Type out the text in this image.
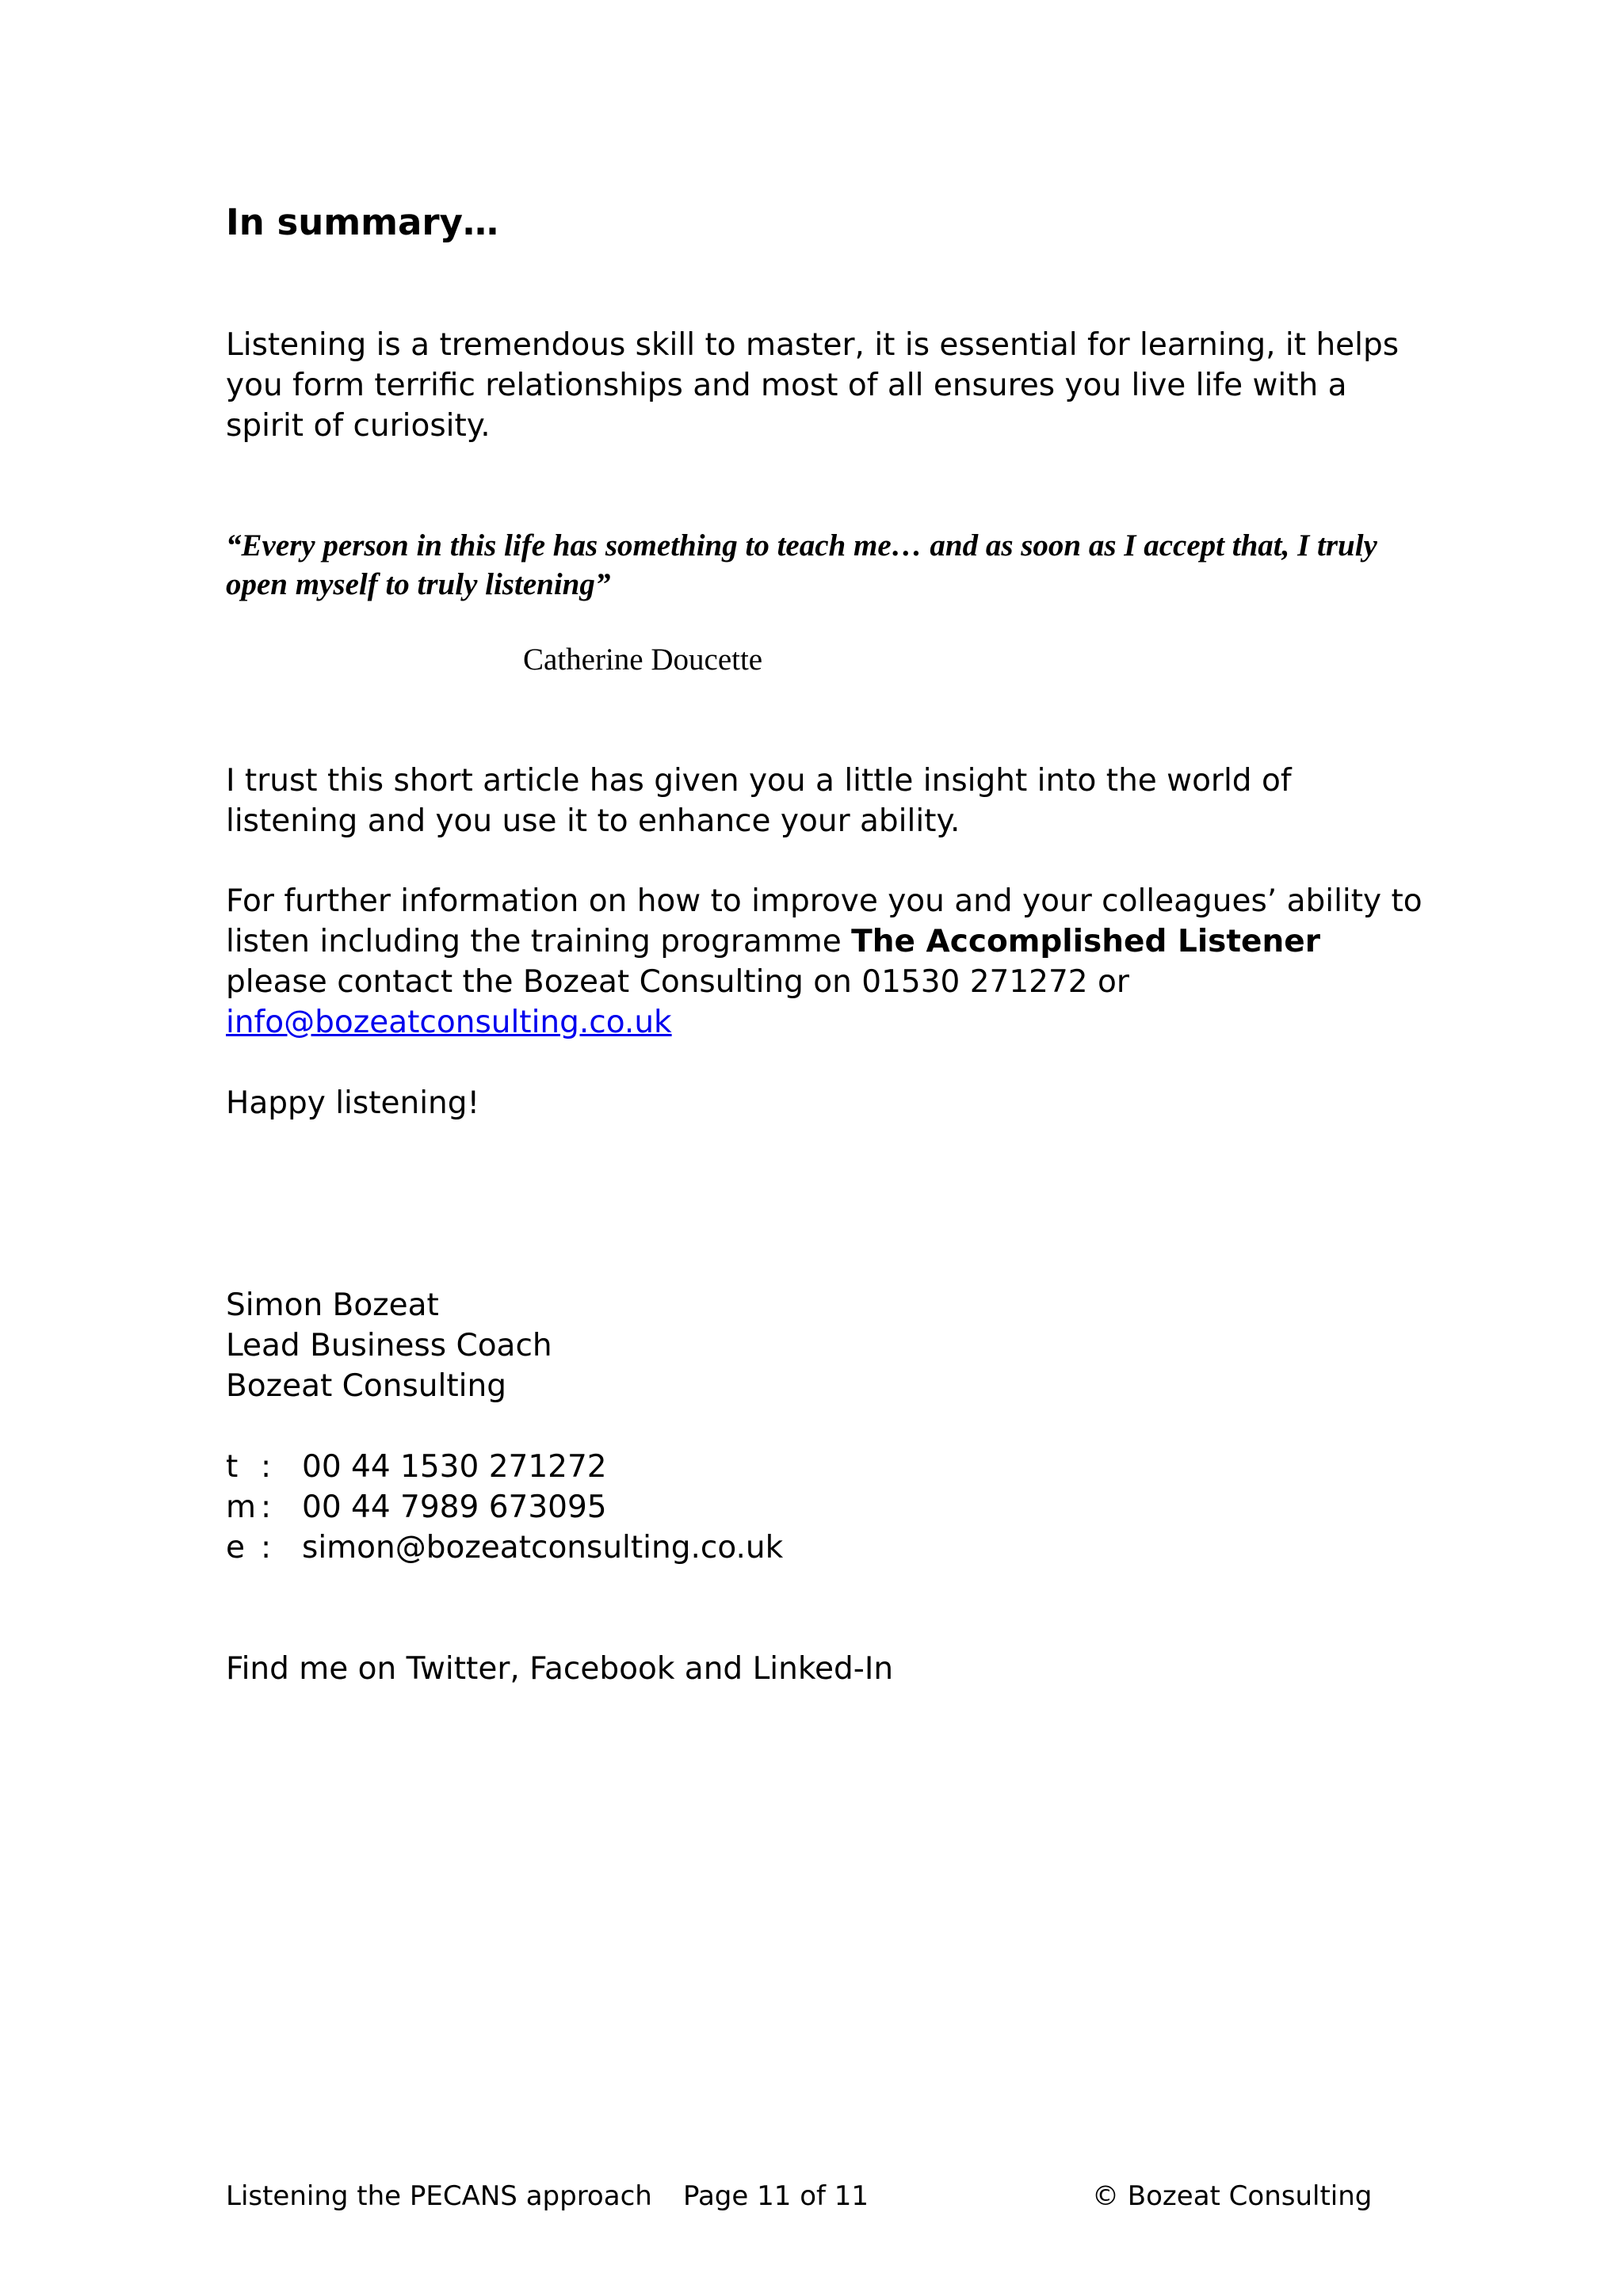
In summary…

Listening is a tremendous skill to master, it is essential for learning, it helps you form terrific relationships and most of all ensures you live life with a spirit of curiosity.

“Every person in this life has something to teach me… and as soon as I accept that, I truly open myself to truly listening”

Catherine Doucette

I trust this short article has given you a little insight into the world of listening and you use it to enhance your ability.

For further information on how to improve you and your colleagues’ ability to listen including the training programme The Accomplished Listener please contact the Bozeat Consulting on 01530 271272 or
info@bozeatconsulting.co.uk

Happy listening!

Simon Bozeat
Lead Business Coach
Bozeat Consulting
t : 00 44 1530 271272
m : 00 44 7989 673095
e : simon@bozeatconsulting.co.uk

Find me on Twitter, Facebook and Linked-In

Listening the PECANS approach Page 11 of 11	© Bozeat Consulting
